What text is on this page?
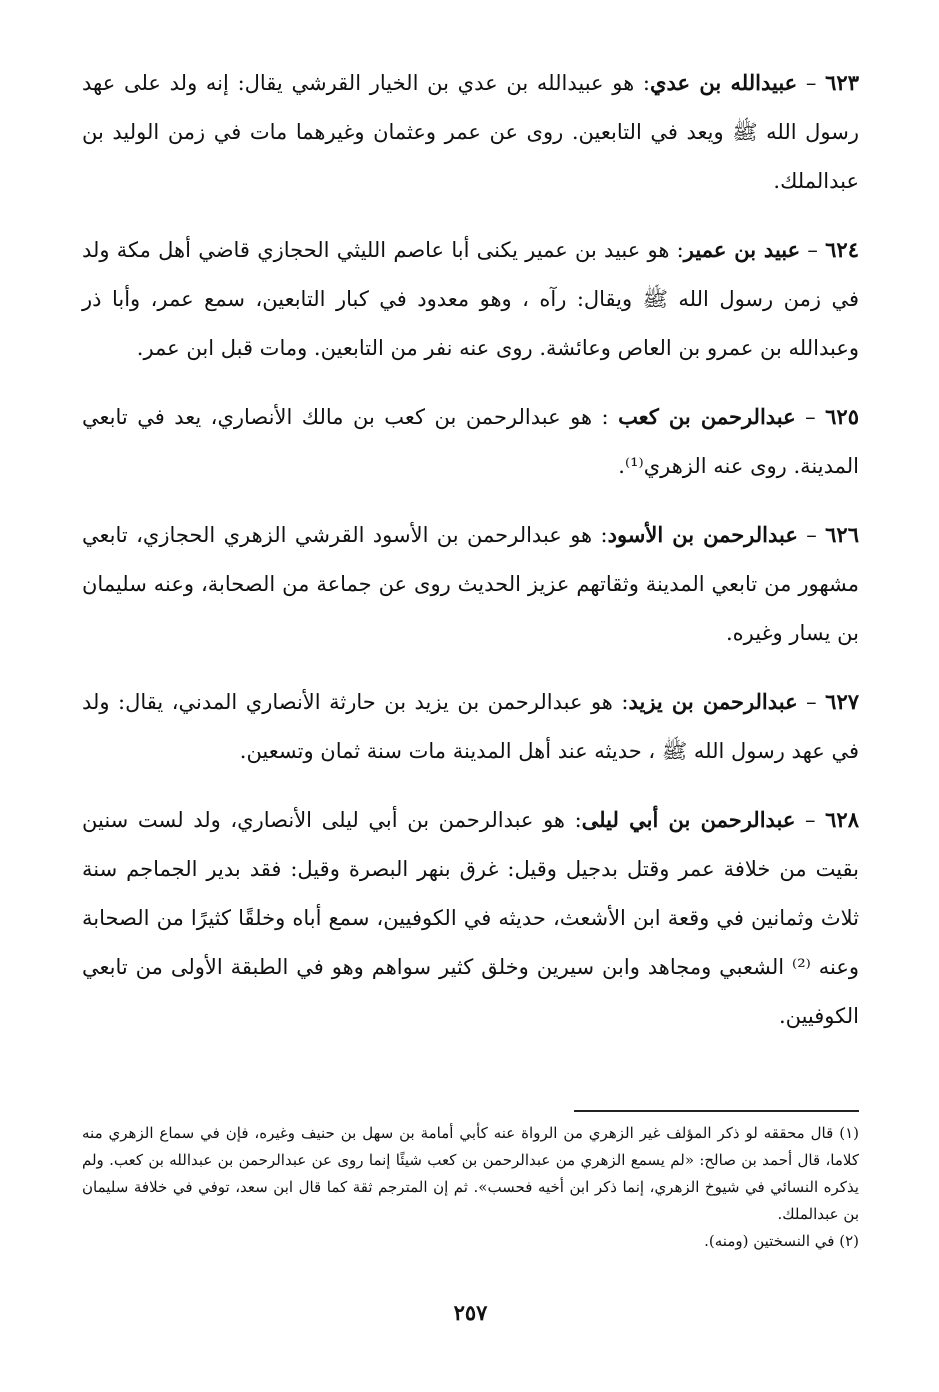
٦٢٣ – عبيدالله بن عدي: هو عبيدالله بن عدي بن الخيار القرشي يقال: إنه ولد على عهد رسول الله ﷺ ويعد في التابعين. روى عن عمر وعثمان وغيرهما مات في زمن الوليد بن عبدالملك.

٦٢٤ – عبيد بن عمير: هو عبيد بن عمير يكنى أبا عاصم الليثي الحجازي قاضي أهل مكة ولد في زمن رسول الله ﷺ ويقال: رآه ، وهو معدود في كبار التابعين، سمع عمر، وأبا ذر وعبدالله بن عمرو بن العاص وعائشة. روى عنه نفر من التابعين. ومات قبل ابن عمر.

٦٢٥ – عبدالرحمن بن كعب : هو عبدالرحمن بن كعب بن مالك الأنصاري، يعد في تابعي المدينة. روى عنه الزهري⁽¹⁾.

٦٢٦ – عبدالرحمن بن الأسود: هو عبدالرحمن بن الأسود القرشي الزهري الحجازي، تابعي مشهور من تابعي المدينة وثقاتهم عزيز الحديث روى عن جماعة من الصحابة، وعنه سليمان بن يسار وغيره.

٦٢٧ – عبدالرحمن بن يزيد: هو عبدالرحمن بن يزيد بن حارثة الأنصاري المدني، يقال: ولد في عهد رسول الله ﷺ ، حديثه عند أهل المدينة مات سنة ثمان وتسعين.

٦٢٨ – عبدالرحمن بن أبي ليلى: هو عبدالرحمن بن أبي ليلى الأنصاري، ولد لست سنين بقيت من خلافة عمر وقتل بدجيل وقيل: غرق بنهر البصرة وقيل: فقد بدير الجماجم سنة ثلاث وثمانين في وقعة ابن الأشعث، حديثه في الكوفيين، سمع أباه وخلقًا كثيرًا من الصحابة وعنه ⁽²⁾ الشعبي ومجاهد وابن سيرين وخلق كثير سواهم وهو في الطبقة الأولى من تابعي الكوفيين.

(١) قال محققه لو ذكر المؤلف غير الزهري من الرواة عنه كأبي أمامة بن سهل بن حنيف وغيره، فإن في سماع الزهري منه كلاما، قال أحمد بن صالح: «لم يسمع الزهري من عبدالرحمن بن كعب شيئًا إنما روى عن عبدالرحمن بن عبدالله بن كعب. ولم يذكره النسائي في شيوخ الزهري، إنما ذكر ابن أخيه فحسب». ثم إن المترجم ثقة كما قال ابن سعد، توفي في خلافة سليمان بن عبدالملك.

(٢) في النسختين (ومنه).

٢٥٧
